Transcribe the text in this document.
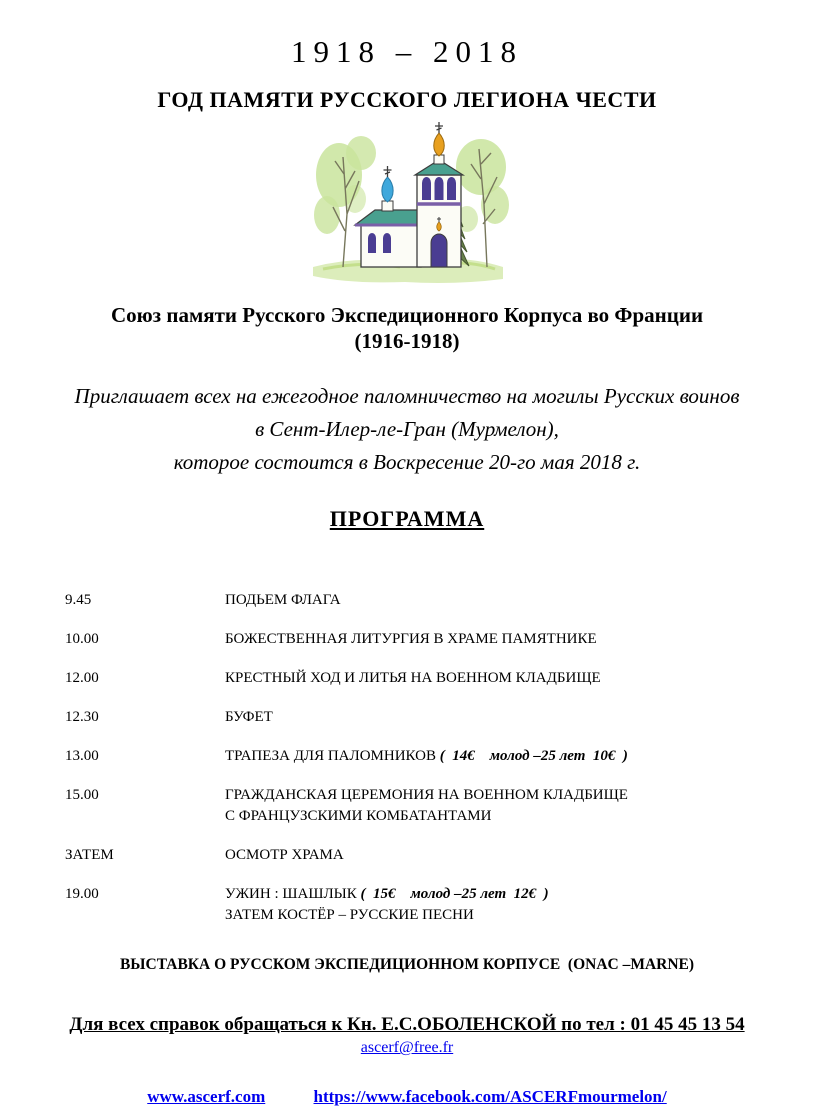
1918 – 2018
ГОД ПАМЯТИ РУССКОГО ЛЕГИОНА ЧЕСТИ
Союз памяти Русского Экспедиционного Корпуса во Франции
(1916-1918)
Приглашает всех на ежегодное паломничество на могилы Русских воинов
в Сент-Илер-ле-Гран (Мурмелон),
которое состоится в Воскресение 20-го мая 2018 г.
ПРОГРАММА
9.45	ПОДЬЕМ ФЛАГА
10.00	БОЖЕСТВЕННАЯ ЛИТУРГИЯ В ХРАМЕ ПАМЯТНИКЕ
12.00	КРЕСТНЫЙ ХОД И ЛИТЬЯ НА ВОЕННОМ КЛАДБИЩЕ
12.30	БУФЕТ
13.00	ТРАПЕЗА ДЛЯ ПАЛОМНИКОВ (  14€    молод –25 лет  10€  )
15.00	ГРАЖДАНСКАЯ ЦЕРЕМОНИЯ НА ВОЕННОМ КЛАДБИЩЕ
С ФРАНЦУЗСКИМИ КОМБАТАНТАМИ
ЗАТЕМ	ОСМОТР ХРАМА
19.00	УЖИН : ШАШЛЫК (  15€    молод –25 лет  12€  )
ЗАТЕМ КОСТЁР – РУССКИЕ ПЕСНИ
ВЫСТАВКА О РУССКОМ ЭКСПЕДИЦИОННОМ КОРПУСЕ  (ONAC –MARNE)
Для всех справок обращаться к Кн. Е.С.ОБОЛЕНСКОЙ по тел : 01 45 45 13 54
ascerf@free.fr
www.ascerf.com	https://www.facebook.com/ASCERFmourmelon/
